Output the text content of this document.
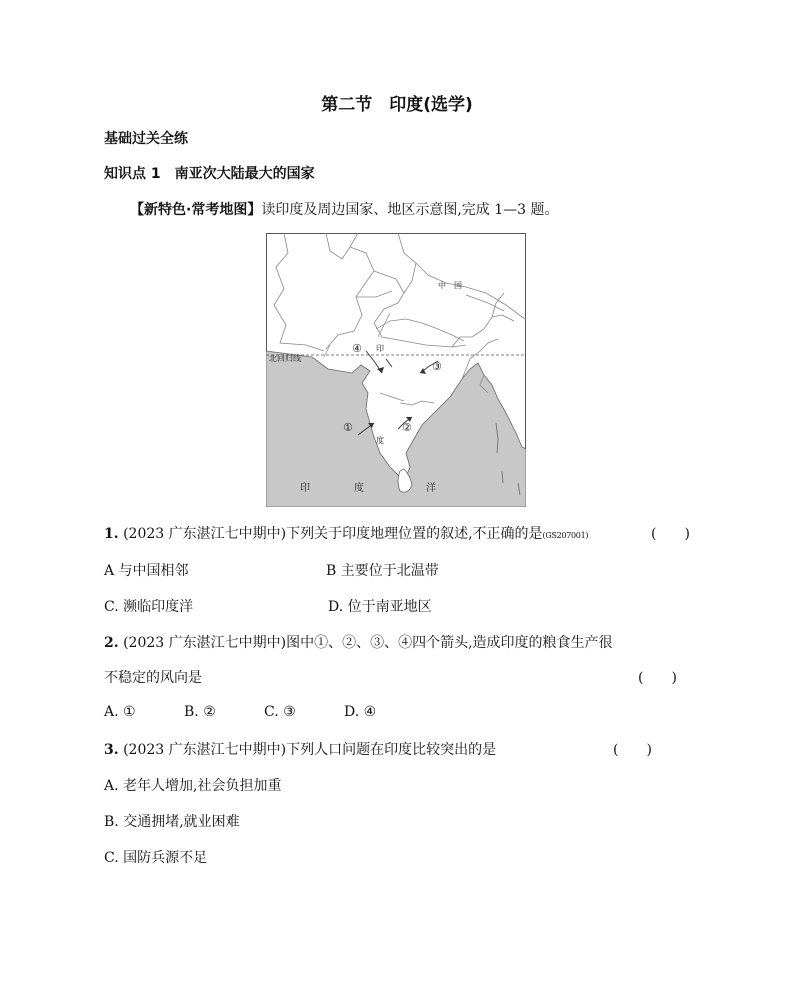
第二节　印度(选学)
基础过关全练
知识点 1　南亚次大陆最大的国家
【新特色·常考地图】读印度及周边国家、地区示意图,完成 1—3 题。
中　国
北回归线
印
度
印	度	洋
①	②
③
④
1. (2023 广东湛江七中期中)下列关于印度地理位置的叙述,不正确的是(GS207001)	(　　)
A 与中国相邻	B 主要位于北温带
C. 濒临印度洋	D. 位于南亚地区
2. (2023 广东湛江七中期中)图中①、②、③、④四个箭头,造成印度的粮食生产很
不稳定的风向是	(　　)
A. ①	B. ②	C. ③	D. ④
3. (2023 广东湛江七中期中)下列人口问题在印度比较突出的是	(　　)
A. 老年人增加,社会负担加重
B. 交通拥堵,就业困难
C. 国防兵源不足
